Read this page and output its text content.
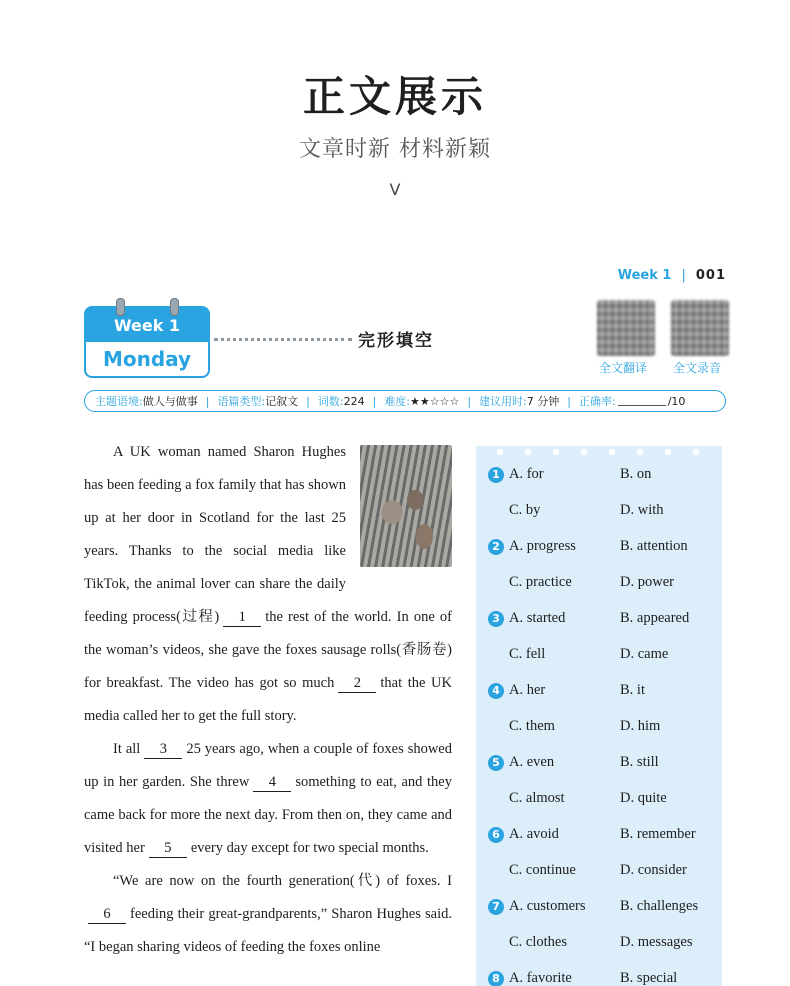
正文展示
文章时新 材料新颖
V
Week 1 | 001
Week 1
Monday
完形填空
全文翻译 全文录音
主题语境: 做人与做事 | 语篇类型: 记叙文 | 词数: 224 | 难度: ★★☆☆☆ | 建议用时: 7 分钟 | 正确率:	/10

A UK woman named Sharon Hughes has been feeding a fox family that has shown up at her door in Scotland for the last 25 years. Thanks to the social media like TikTok, the animal lover can share the daily feeding process(过程) 1 the rest of the world. In one of the woman’s videos, she gave the foxes sausage rolls(香肠卷) for breakfast. The video has got so much 2 that the UK media called her to get the full story.

It all 3 25 years ago, when a couple of foxes showed up in her garden. She threw 4 something to eat, and they came back for more the next day. From then on, they came and visited her 5 every day except for two special months.

“We are now on the fourth generation(代) of foxes. I6 feeding their great-grandparents,” Sharon Hughes said. “I began sharing videos of feeding the foxes online

1 A. for	B. on
C. by	D. with
2 A. progress	B. attention
C. practice	D. power
3 A. started	B. appeared
C. fell	D. came
4 A. her	B. it
C. them	D. him
5 A. even	B. still
C. almost	D. quite
6 A. avoid	B. remember
C. continue	D. consider
7 A. customers B. challenges
C. clothes	D. messages
8 A. favorite	B. special
